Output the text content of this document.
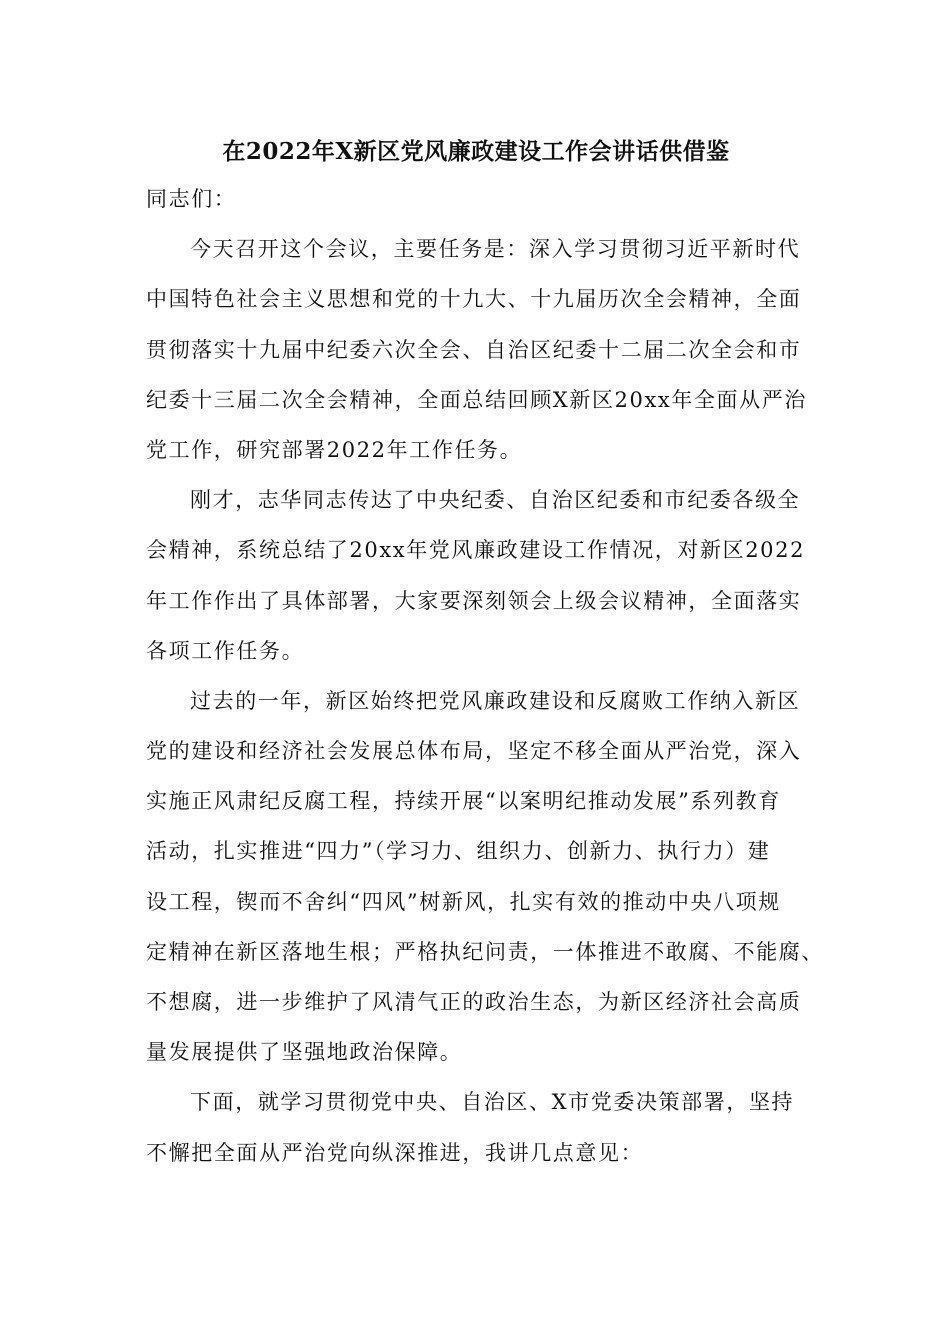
在2022年X新区党风廉政建设工作会讲话供借鉴
同志们：
今天召开这个会议，主要任务是：深入学习贯彻习近平新时代
中国特色社会主义思想和党的十九大、十九届历次全会精神，全面
贯彻落实十九届中纪委六次全会、自治区纪委十二届二次全会和市
纪委十三届二次全会精神，全面总结回顾X新区20xx年全面从严治
党工作，研究部署2022年工作任务。
刚才，志华同志传达了中央纪委、自治区纪委和市纪委各级全
会精神，系统总结了20xx年党风廉政建设工作情况，对新区2022
年工作作出了具体部署，大家要深刻领会上级会议精神，全面落实
各项工作任务。
过去的一年，新区始终把党风廉政建设和反腐败工作纳入新区
党的建设和经济社会发展总体布局，坚定不移全面从严治党，深入
实施正风肃纪反腐工程，持续开展“以案明纪推动发展”系列教育
活动，扎实推进“四力”（学习力、组织力、创新力、执行力）建
设工程，锲而不舍纠“四风”树新风，扎实有效的推动中央八项规
定精神在新区落地生根；严格执纪问责，一体推进不敢腐、不能腐、
不想腐，进一步维护了风清气正的政治生态，为新区经济社会高质
量发展提供了坚强地政治保障。
下面，就学习贯彻党中央、自治区、X市党委决策部署，坚持
不懈把全面从严治党向纵深推进，我讲几点意见：
